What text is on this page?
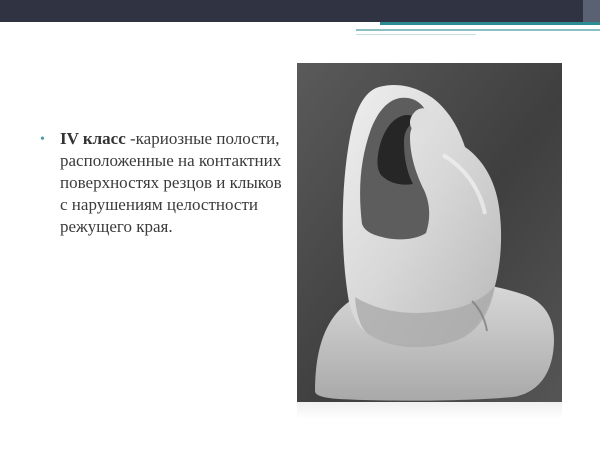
• IV класс -кариозные полости, расположенные на контактних поверхностях резцов и клыков с нарушениям целостности режущего края.
